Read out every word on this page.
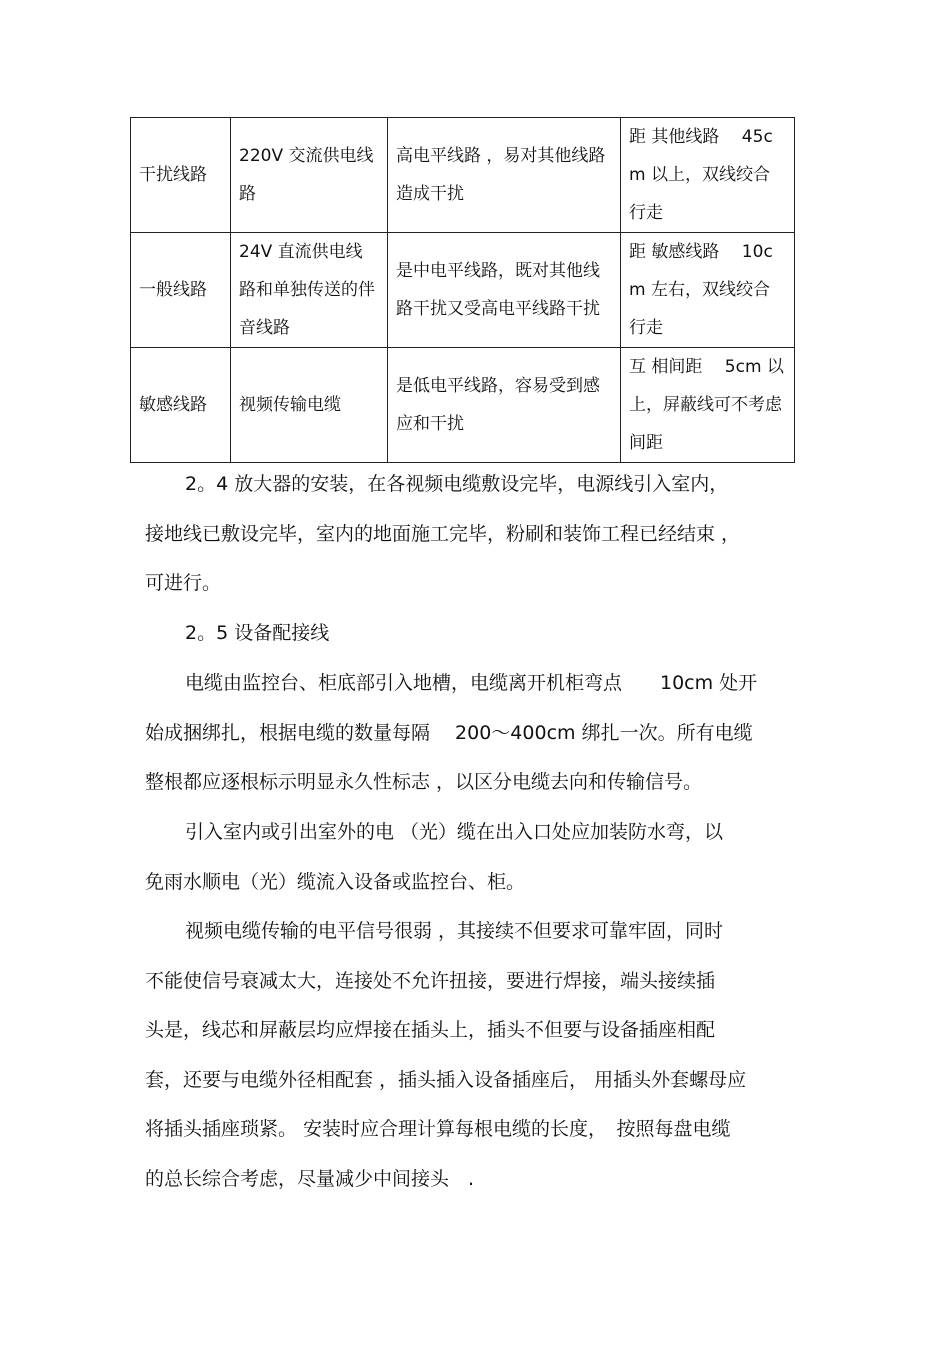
干扰线路	220V 交流供电线路	高电平线路 ，易对其他线路造成干扰	距 其他线路　 45cm 以上，双线绞合行走
一般线路	24V 直流供电线路和单独传送的伴音线路	是中电平线路，既对其他线路干扰又受高电平线路干扰	距 敏感线路　 10cm 左右，双线绞合行走
敏感线路	视频传输电缆	是低电平线路，容易受到感应和干扰	互 相间距　 5cm 以上，屏蔽线可不考虑间距
2。4 放大器的安装，在各视频电缆敷设完毕，电源线引入室内，
接地线已敷设完毕，室内的地面施工完毕，粉刷和装饰工程已经结束 ，
可进行。
2。5 设备配接线
电缆由监控台、柜底部引入地槽，电缆离开机柜弯点　　10cm 处开
始成捆绑扎，根据电缆的数量每隔　 200～400cm 绑扎一次。所有电缆
整根都应逐根标示明显永久性标志 ，以区分电缆去向和传输信号。
引入室内或引出室外的电 （光）缆在出入口处应加装防水弯，以
免雨水顺电（光）缆流入设备或监控台、柜。
视频电缆传输的电平信号很弱 ，其接续不但要求可靠牢固，同时
不能使信号衰减太大，连接处不允许扭接，要进行焊接，端头接续插
头是，线芯和屏蔽层均应焊接在插头上，插头不但要与设备插座相配
套，还要与电缆外径相配套 ，插头插入设备插座后， 用插头外套螺母应
将插头插座琐紧。 安装时应合理计算每根电缆的长度，　按照每盘电缆
的总长综合考虑，尽量减少中间接头　.
